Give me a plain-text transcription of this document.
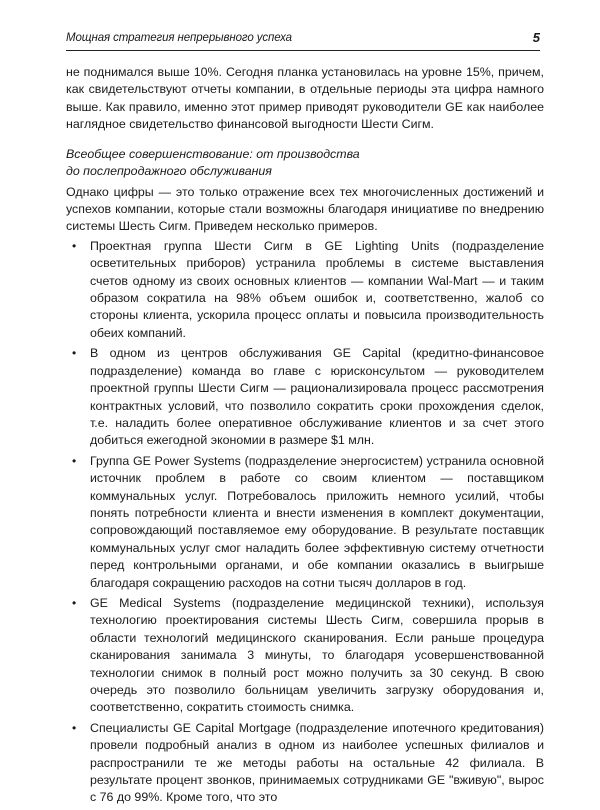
Мощная стратегия непрерывного успеха	5

не поднимался выше 10%. Сегодня планка установилась на уровне 15%, причем, как свидетельствуют отчеты компании, в отдельные периоды эта цифра намного выше. Как правило, именно этот пример приводят руководители GE как наиболее наглядное свидетельство финансовой выгодности Шести Сигм.

Всеобщее совершенствование: от производства
до послепродажного обслуживания

Однако цифры — это только отражение всех тех многочисленных достижений и успехов компании, которые стали возможны благодаря инициативе по внедрению системы Шесть Сигм. Приведем несколько примеров.

• Проектная группа Шести Сигм в GE Lighting Units (подразделение осветительных приборов) устранила проблемы в системе выставления счетов одному из своих основных клиентов — компании Wal-Mart — и таким образом сократила на 98% объем ошибок и, соответственно, жалоб со стороны клиента, ускорила процесс оплаты и повысила производительность обеих компаний.
• В одном из центров обслуживания GE Capital (кредитно-финансовое подразделение) команда во главе с юрисконсультом — руководителем проектной группы Шести Сигм — рационализировала процесс рассмотрения контрактных условий, что позволило сократить сроки прохождения сделок, т.е. наладить более оперативное обслуживание клиентов и за счет этого добиться ежегодной экономии в размере $1 млн.
• Группа GE Power Systems (подразделение энергосистем) устранила основной источник проблем в работе со своим клиентом — поставщиком коммунальных услуг. Потребовалось приложить немного усилий, чтобы понять потребности клиента и внести изменения в комплект документации, сопровождающий поставляемое ему оборудование. В результате поставщик коммунальных услуг смог наладить более эффективную систему отчетности перед контрольными органами, и обе компании оказались в выигрыше благодаря сокращению расходов на сотни тысяч долларов в год.
• GE Medical Systems (подразделение медицинской техники), используя технологию проектирования системы Шесть Сигм, совершила прорыв в области технологий медицинского сканирования. Если раньше процедура сканирования занимала 3 минуты, то благодаря усовершенствованной технологии снимок в полный рост можно получить за 30 секунд. В свою очередь это позволило больницам увеличить загрузку оборудования и, соответственно, сократить стоимость снимка.
• Специалисты GE Capital Mortgage (подразделение ипотечного кредитования) провели подробный анализ в одном из наиболее успешных филиалов и распространили те же методы работы на остальные 42 филиала. В результате процент звонков, принимаемых сотрудниками GE "вживую", вырос с 76 до 99%. Кроме того, что это
